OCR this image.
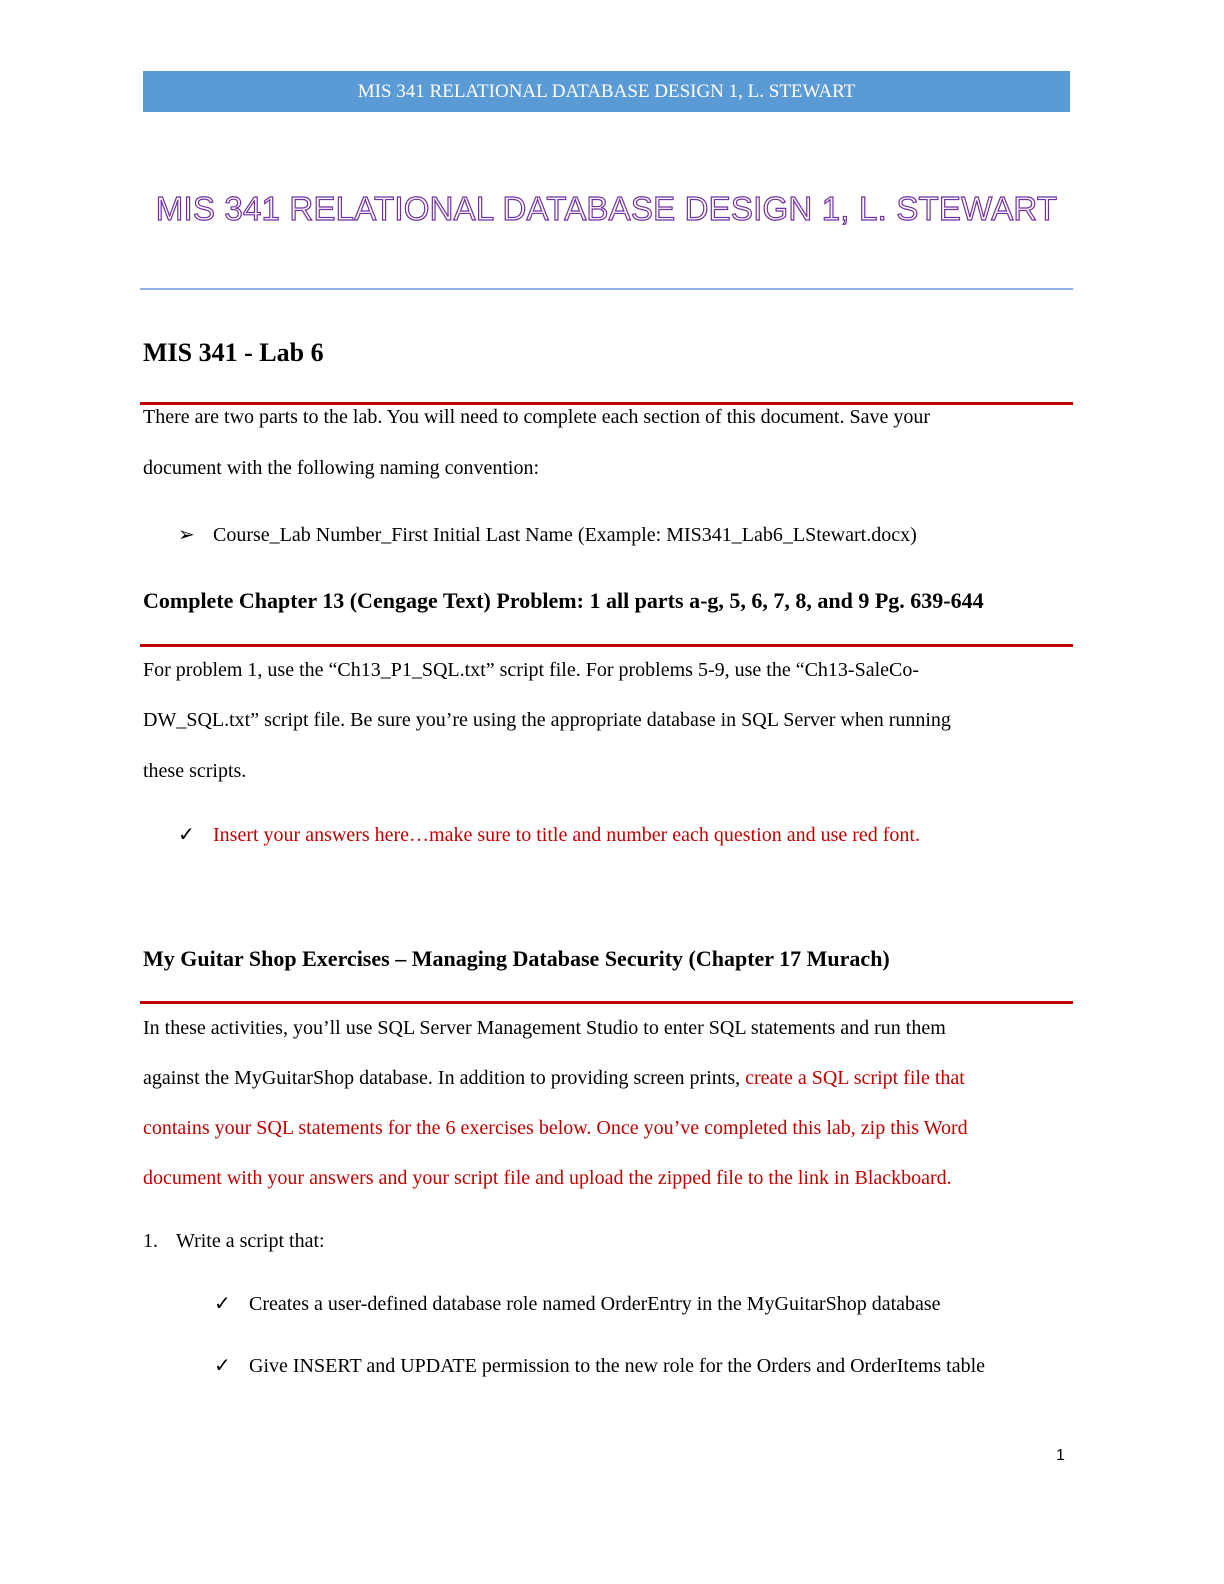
MIS 341 RELATIONAL DATABASE DESIGN 1, L. STEWART
MIS 341 RELATIONAL DATABASE DESIGN 1, L. STEWART
MIS 341 - Lab 6
There are two parts to the lab. You will need to complete each section of this document. Save your
document with the following naming convention:
➢ Course_Lab Number_First Initial Last Name (Example: MIS341_Lab6_LStewart.docx)
Complete Chapter 13 (Cengage Text) Problem: 1 all parts a-g, 5, 6, 7, 8, and 9 Pg. 639-644
For problem 1, use the “Ch13_P1_SQL.txt” script file. For problems 5-9, use the “Ch13-SaleCo-
DW_SQL.txt” script file. Be sure you’re using the appropriate database in SQL Server when running
these scripts.
✓ Insert your answers here…make sure to title and number each question and use red font.
My Guitar Shop Exercises – Managing Database Security (Chapter 17 Murach)
In these activities, you’ll use SQL Server Management Studio to enter SQL statements and run them
against the MyGuitarShop database. In addition to providing screen prints, create a SQL script file that
contains your SQL statements for the 6 exercises below. Once you’ve completed this lab, zip this Word
document with your answers and your script file and upload the zipped file to the link in Blackboard.
1. Write a script that:
✓ Creates a user-defined database role named OrderEntry in the MyGuitarShop database
✓ Give INSERT and UPDATE permission to the new role for the Orders and OrderItems table
1
